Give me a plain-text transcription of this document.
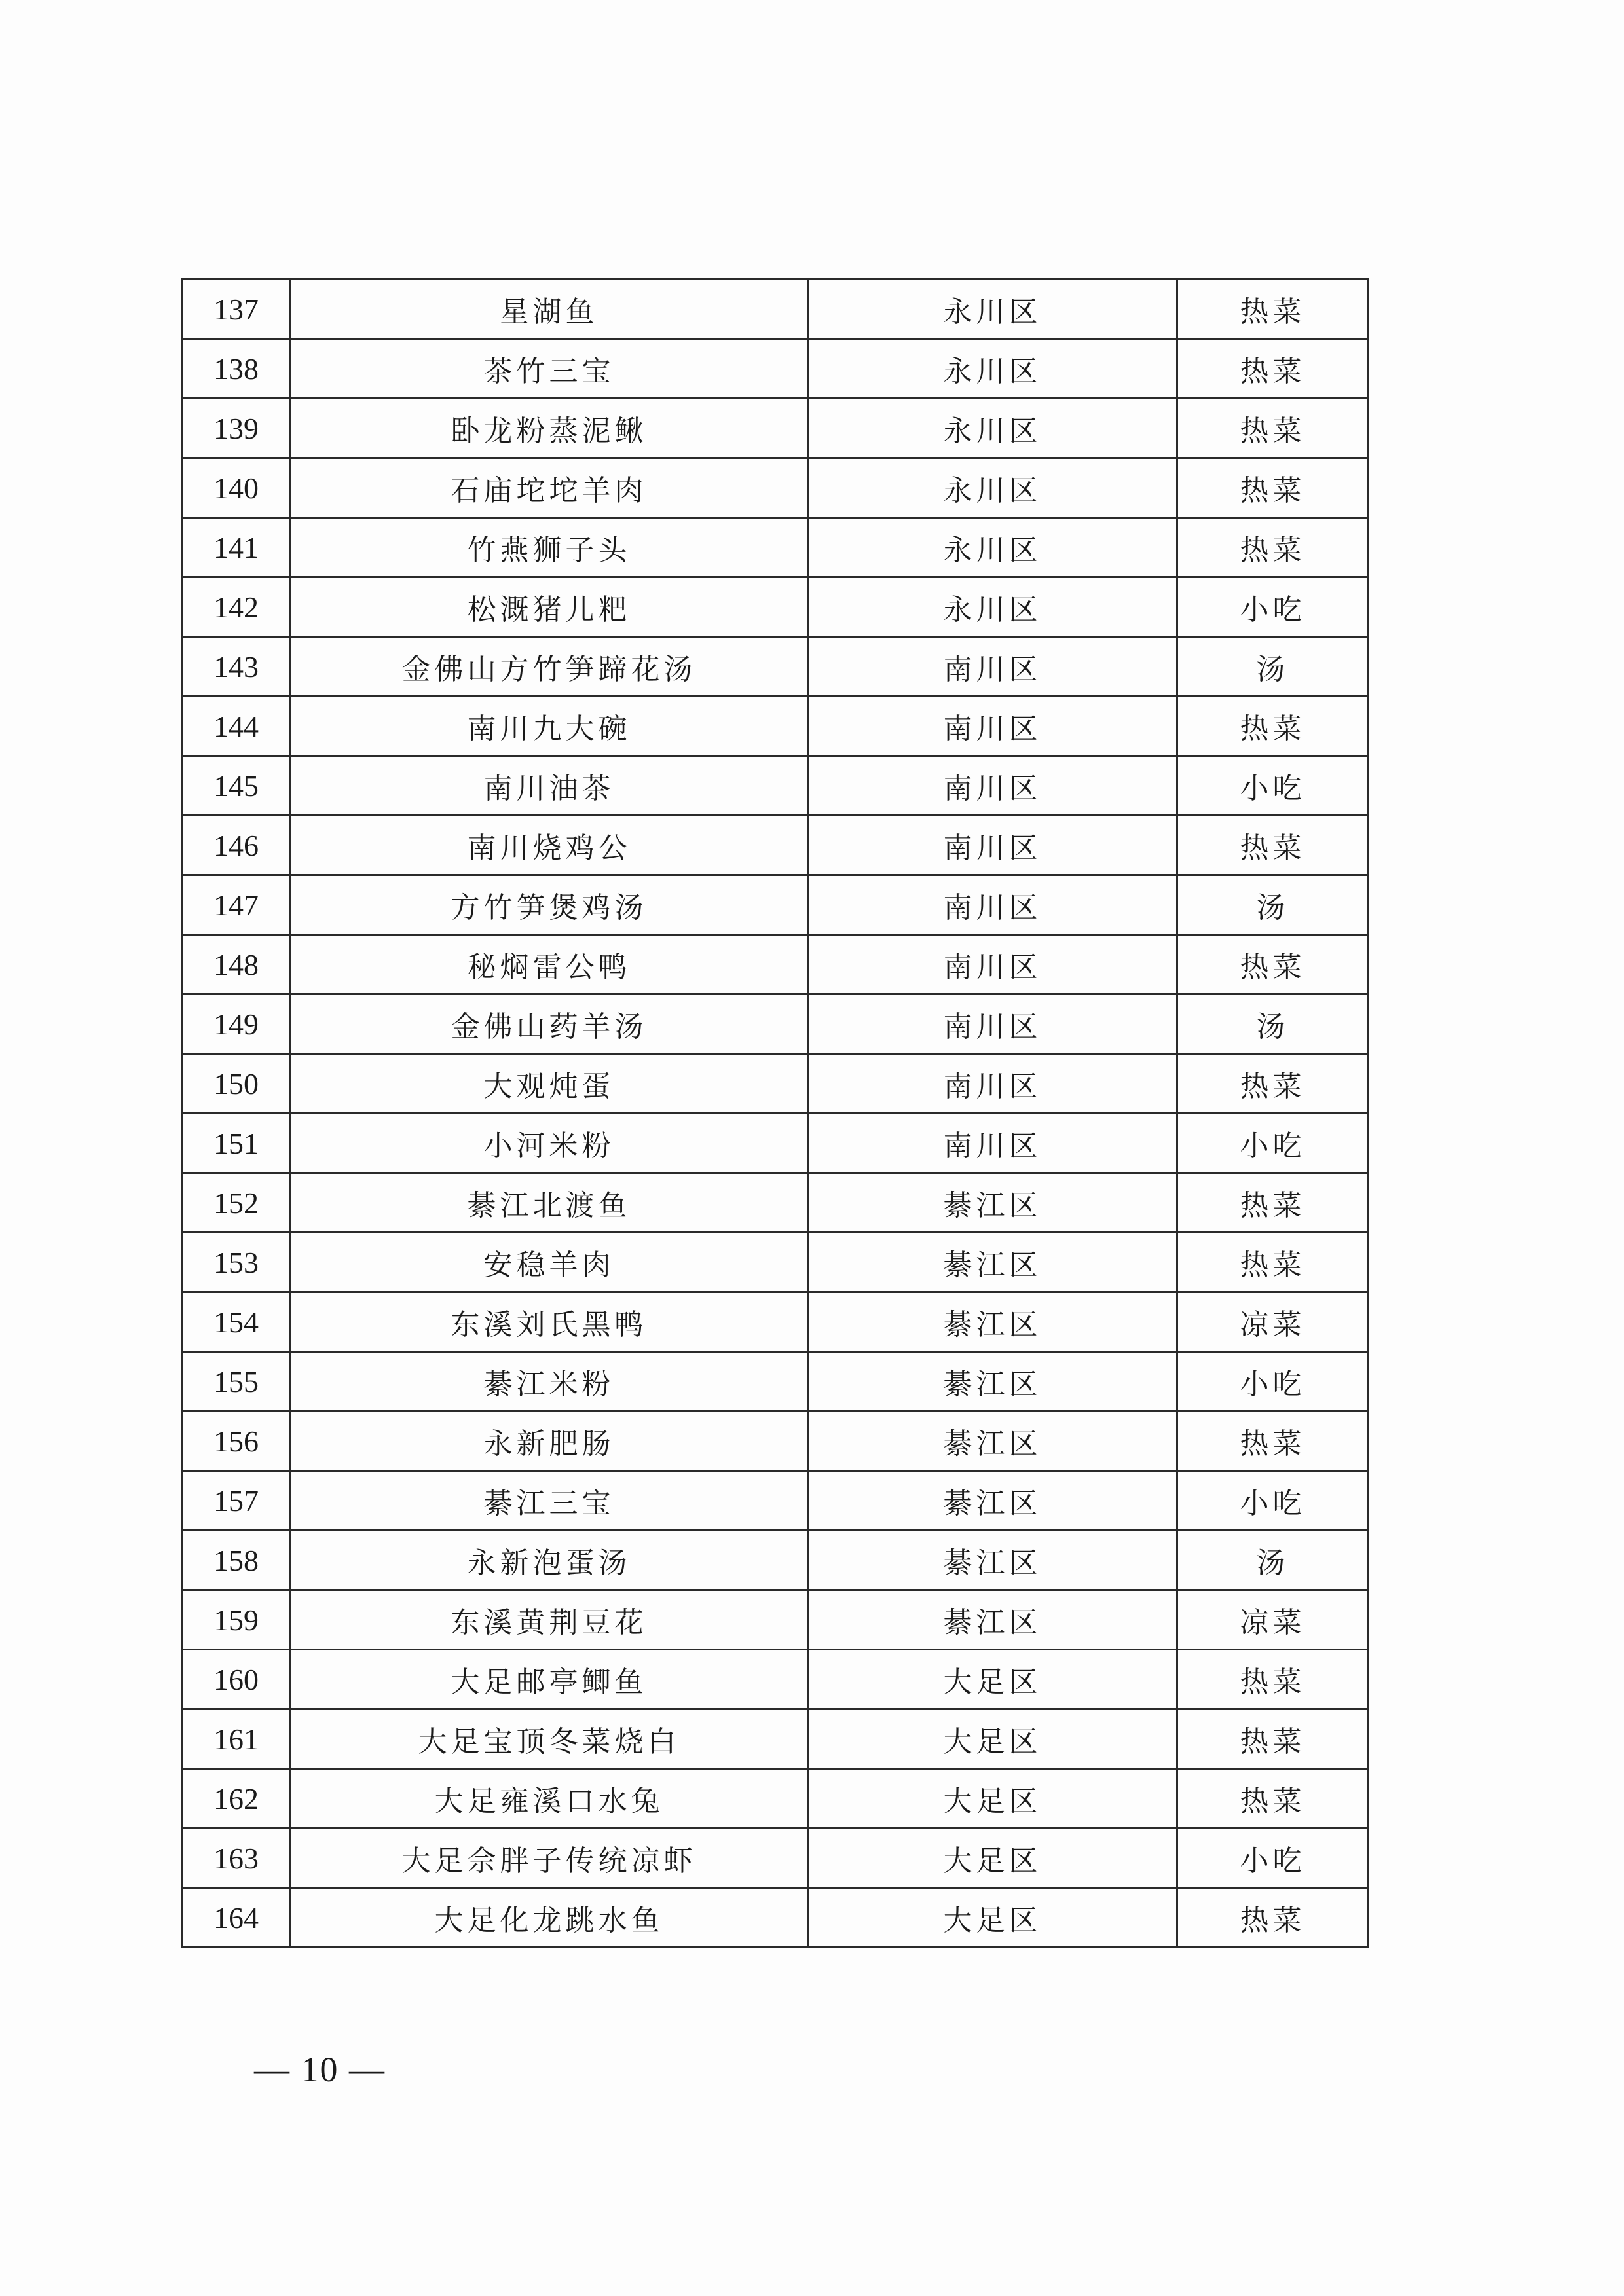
137	星湖鱼	永川区	热菜
138	茶竹三宝	永川区	热菜
139	卧龙粉蒸泥鳅	永川区	热菜
140	石庙坨坨羊肉	永川区	热菜
141	竹燕狮子头	永川区	热菜
142	松溉猪儿粑	永川区	小吃
143	金佛山方竹笋蹄花汤	南川区	汤
144	南川九大碗	南川区	热菜
145	南川油茶	南川区	小吃
146	南川烧鸡公	南川区	热菜
147	方竹笋煲鸡汤	南川区	汤
148	秘焖雷公鸭	南川区	热菜
149	金佛山药羊汤	南川区	汤
150	大观炖蛋	南川区	热菜
151	小河米粉	南川区	小吃
152	綦江北渡鱼	綦江区	热菜
153	安稳羊肉	綦江区	热菜
154	东溪刘氏黑鸭	綦江区	凉菜
155	綦江米粉	綦江区	小吃
156	永新肥肠	綦江区	热菜
157	綦江三宝	綦江区	小吃
158	永新泡蛋汤	綦江区	汤
159	东溪黄荆豆花	綦江区	凉菜
160	大足邮亭鲫鱼	大足区	热菜
161	大足宝顶冬菜烧白	大足区	热菜
162	大足雍溪口水兔	大足区	热菜
163	大足佘胖子传统凉虾	大足区	小吃
164	大足化龙跳水鱼	大足区	热菜
— 10 —
